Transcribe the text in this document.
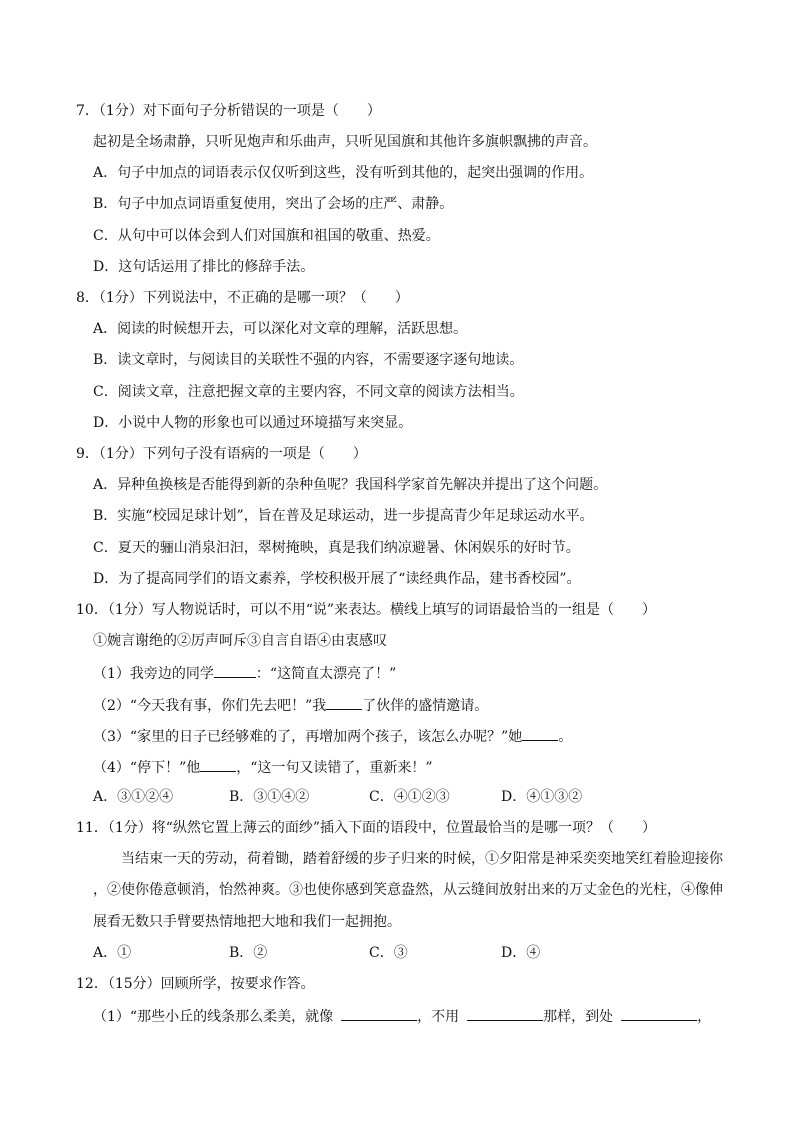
7．（1分）对下面句子分析错误的一项是（　　）
起初是全场肃静，只听见炮声和乐曲声，只听见国旗和其他许多旗帜飘拂的声音。
A．句子中加点的词语表示仅仅听到这些，没有听到其他的，起突出强调的作用。
B．句子中加点词语重复使用，突出了会场的庄严、肃静。
C．从句中可以体会到人们对国旗和祖国的敬重、热爱。
D．这句话运用了排比的修辞手法。
8．（1分）下列说法中，不正确的是哪一项？（　　）
A．阅读的时候想开去，可以深化对文章的理解，活跃思想。
B．读文章时，与阅读目的关联性不强的内容，不需要逐字逐句地读。
C．阅读文章，注意把握文章的主要内容，不同文章的阅读方法相当。
D．小说中人物的形象也可以通过环境描写来突显。
9．（1分）下列句子没有语病的一项是（　　）
A．异种鱼换核是否能得到新的杂种鱼呢？我国科学家首先解决并提出了这个问题。
B．实施“校园足球计划”，旨在普及足球运动，进一步提高青少年足球运动水平。
C．夏天的骊山消泉汩汩，翠树掩映，真是我们纳凉避暑、休闲娱乐的好时节。
D．为了提高同学们的语文素养，学校积极开展了“读经典作品，建书香校园”。
10．（1分）写人物说话时，可以不用“说”来表达。横线上填写的词语最恰当的一组是（　　）
①婉言谢绝的②厉声呵斥③自言自语④由衷感叹
（1）我旁边的同学	：“这简直太漂亮了！”
（2）“今天我有事，你们先去吧！”我	了伙伴的盛情邀请。
（3）“家里的日子已经够难的了，再增加两个孩子，该怎么办呢？”她	。
（4）“停下！”他	，“这一句又读错了，重新来！”
A．③①②④	B．③①④②	C．④①②③	D．④①③②
11．（1分）将“纵然它置上薄云的面纱”插入下面的语段中，位置最恰当的是哪一项？（　　）
当结束一天的劳动，荷着锄，踏着舒缓的步子归来的时候，①夕阳常是神采奕奕地笑红着脸迎接你
，②使你倦意顿消，怡然神爽。③也使你感到笑意盎然，从云缝间放射出来的万丈金色的光柱，④像伸
展看无数只手臂要热情地把大地和我们一起拥抱。
A．①	B．②	C．③	D．④
12．（15分）回顾所学，按要求作答。
（1）“那些小丘的线条那么柔美，就像	，不用	那样，到处	，
